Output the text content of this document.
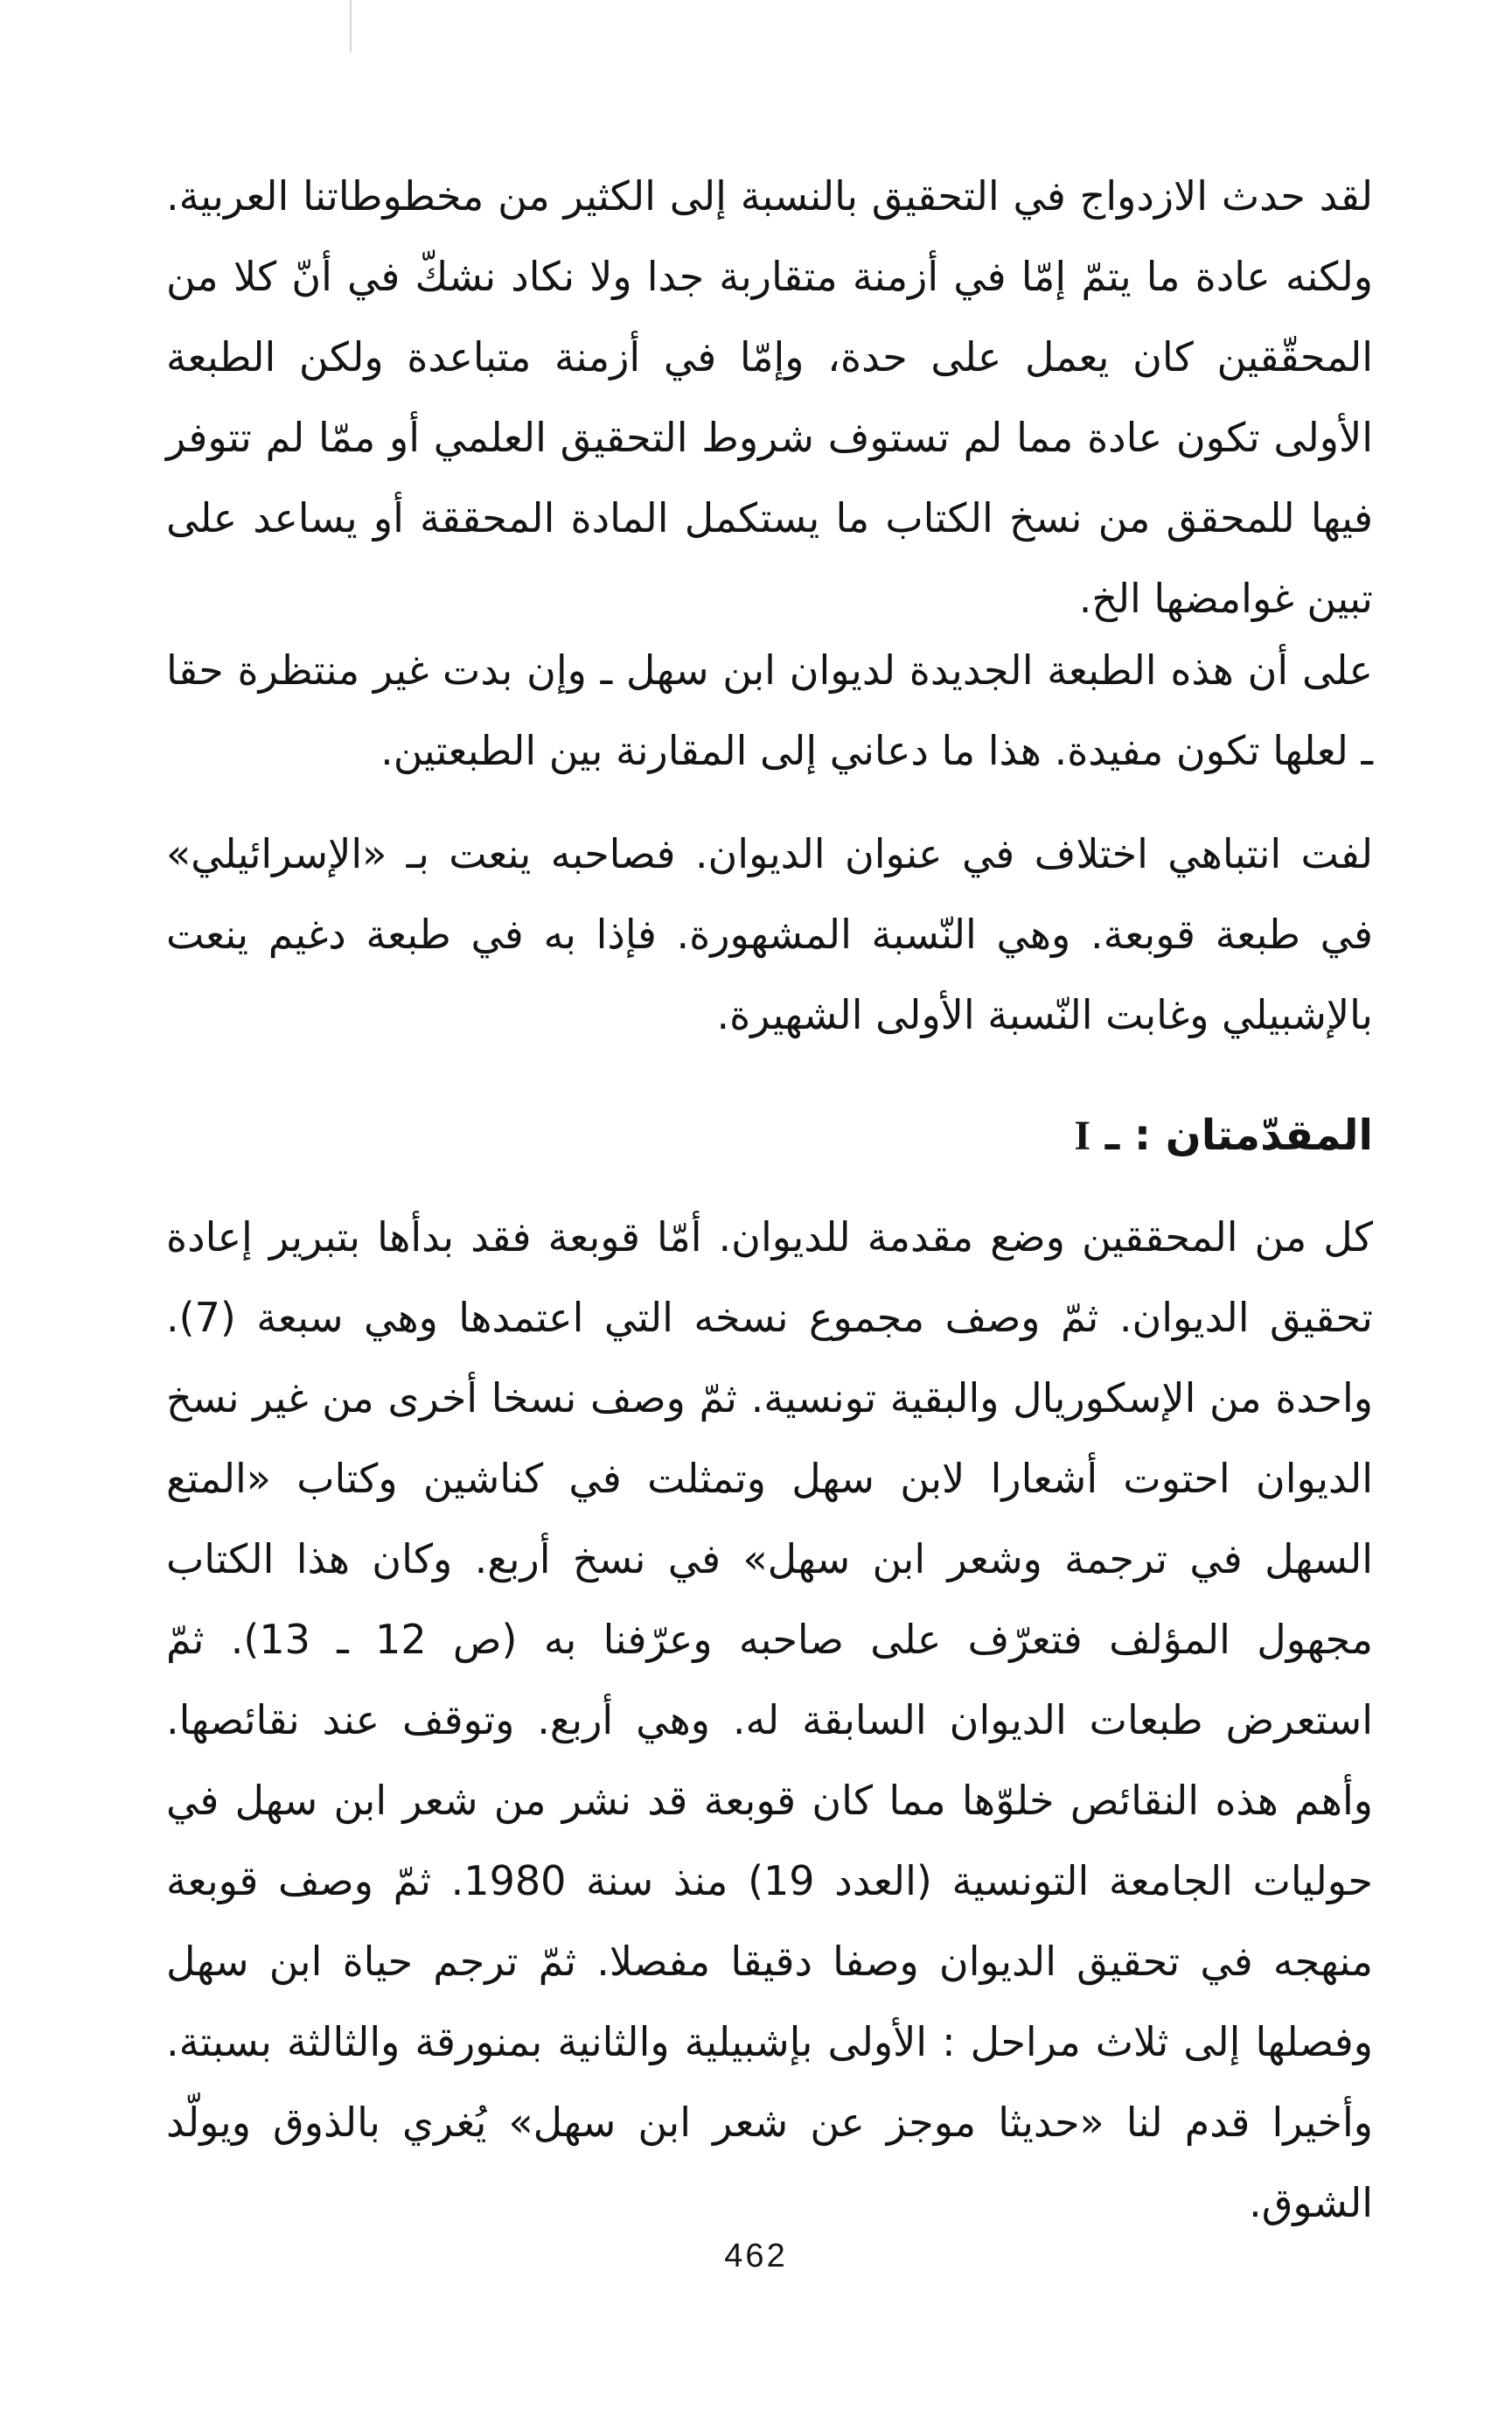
لقد حدث الازدواج في التحقيق بالنسبة إلى الكثير من مخطوطاتنا العربية. ولكنه عادة ما يتمّ إمّا في أزمنة متقاربة جدا ولا نكاد نشكّ في أنّ كلا من المحقّقين كان يعمل على حدة، وإمّا في أزمنة متباعدة ولكن الطبعة الأولى تكون عادة مما لم تستوف شروط التحقيق العلمي أو ممّا لم تتوفر فيها للمحقق من نسخ الكتاب ما يستكمل المادة المحققة أو يساعد على تبين غوامضها الخ.

على أن هذه الطبعة الجديدة لديوان ابن سهل ـ وإن بدت غير منتظرة حقا ـ لعلها تكون مفيدة. هذا ما دعاني إلى المقارنة بين الطبعتين.

لفت انتباهي اختلاف في عنوان الديوان. فصاحبه ينعت بـ «الإسرائيلي» في طبعة قوبعة. وهي النّسبة المشهورة. فإذا به في طبعة دغيم ينعت بالإشبيلي وغابت النّسبة الأولى الشهيرة.

المقدّمتان : ـ I

كل من المحققين وضع مقدمة للديوان. أمّا قوبعة فقد بدأها بتبرير إعادة تحقيق الديوان. ثمّ وصف مجموع نسخه التي اعتمدها وهي سبعة (7). واحدة من الإسكوريال والبقية تونسية. ثمّ وصف نسخا أخرى من غير نسخ الديوان احتوت أشعارا لابن سهل وتمثلت في كناشين وكتاب «المتع السهل في ترجمة وشعر ابن سهل» في نسخ أربع. وكان هذا الكتاب مجهول المؤلف فتعرّف على صاحبه وعرّفنا به (ص 12 ـ 13). ثمّ استعرض طبعات الديوان السابقة له. وهي أربع. وتوقف عند نقائصها. وأهم هذه النقائص خلوّها مما كان قوبعة قد نشر من شعر ابن سهل في حوليات الجامعة التونسية (العدد 19) منذ سنة 1980. ثمّ وصف قوبعة منهجه في تحقيق الديوان وصفا دقيقا مفصلا. ثمّ ترجم حياة ابن سهل وفصلها إلى ثلاث مراحل : الأولى بإشبيلية والثانية بمنورقة والثالثة بسبتة. وأخيرا قدم لنا «حديثا موجز عن شعر ابن سهل» يُغري بالذوق ويولّد الشوق.

462
